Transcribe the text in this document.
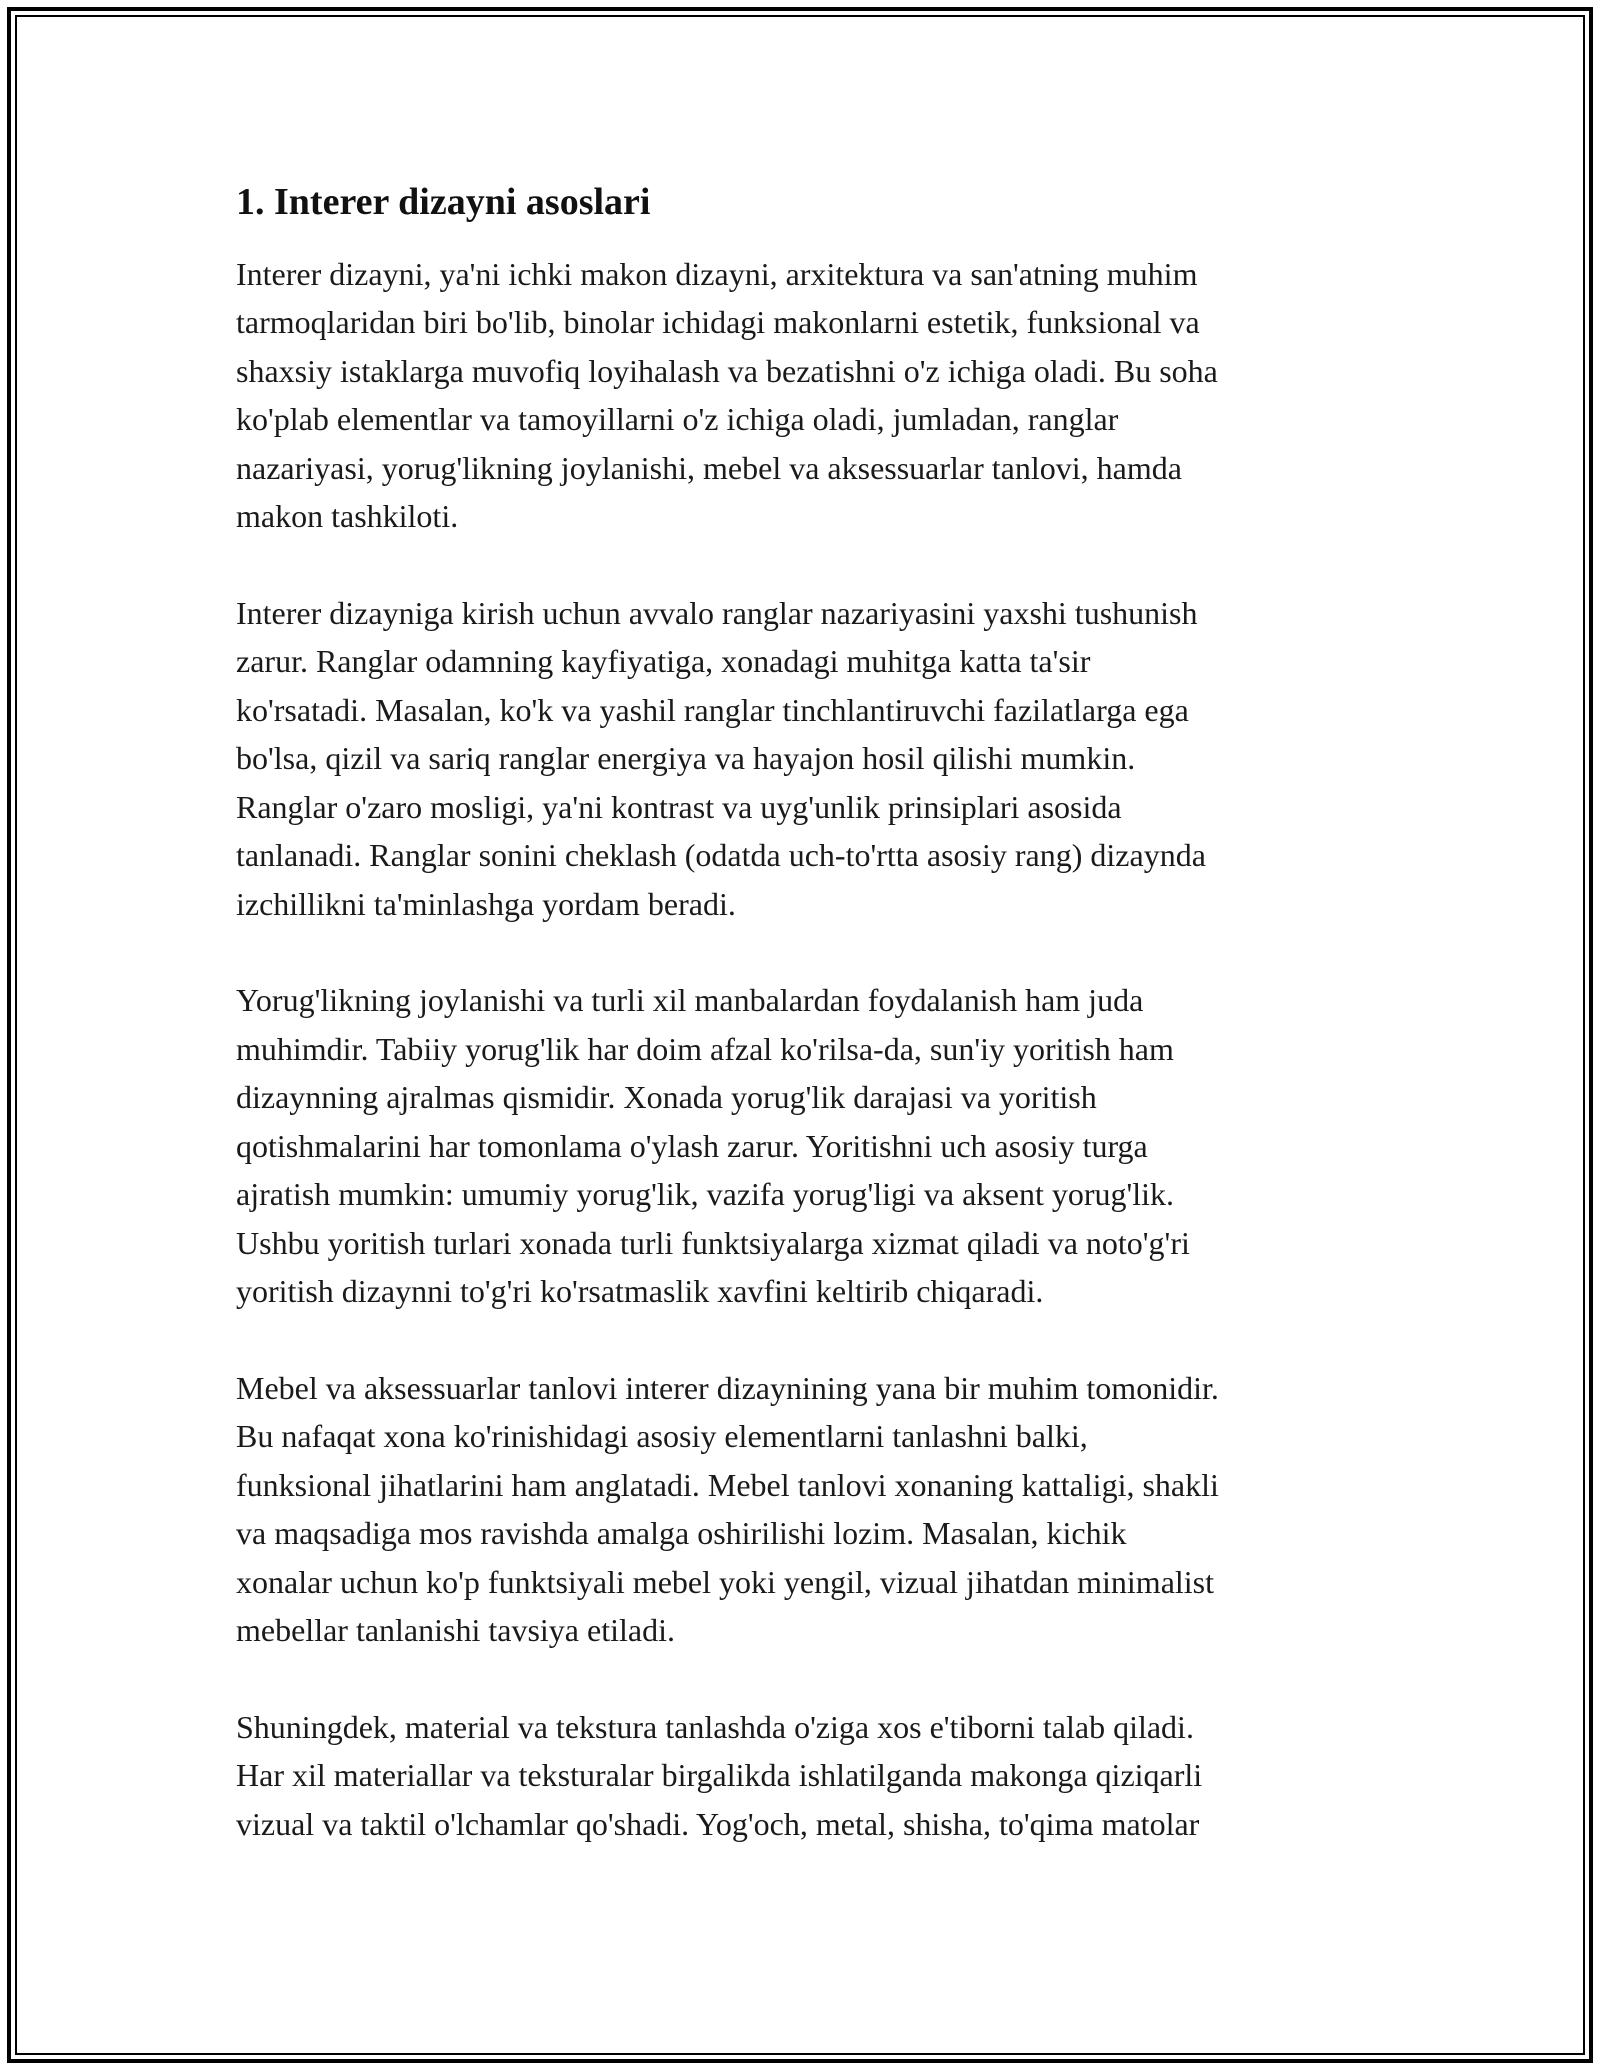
1. Interer dizayni asoslari

Interer dizayni, ya'ni ichki makon dizayni, arxitektura va san'atning muhim
tarmoqlaridan biri bo'lib, binolar ichidagi makonlarni estetik, funksional va
shaxsiy istaklarga muvofiq loyihalash va bezatishni o'z ichiga oladi. Bu soha
ko'plab elementlar va tamoyillarni o'z ichiga oladi, jumladan, ranglar
nazariyasi, yorug'likning joylanishi, mebel va aksessuarlar tanlovi, hamda
makon tashkiloti.

Interer dizayniga kirish uchun avvalo ranglar nazariyasini yaxshi tushunish
zarur. Ranglar odamning kayfiyatiga, xonadagi muhitga katta ta'sir
ko'rsatadi. Masalan, ko'k va yashil ranglar tinchlantiruvchi fazilatlarga ega
bo'lsa, qizil va sariq ranglar energiya va hayajon hosil qilishi mumkin.
Ranglar o'zaro mosligi, ya'ni kontrast va uyg'unlik prinsiplari asosida
tanlanadi. Ranglar sonini cheklash (odatda uch-to'rtta asosiy rang) dizaynda
izchillikni ta'minlashga yordam beradi.

Yorug'likning joylanishi va turli xil manbalardan foydalanish ham juda
muhimdir. Tabiiy yorug'lik har doim afzal ko'rilsa-da, sun'iy yoritish ham
dizaynning ajralmas qismidir. Xonada yorug'lik darajasi va yoritish
qotishmalarini har tomonlama o'ylash zarur. Yoritishni uch asosiy turga
ajratish mumkin: umumiy yorug'lik, vazifa yorug'ligi va aksent yorug'lik.
Ushbu yoritish turlari xonada turli funktsiyalarga xizmat qiladi va noto'g'ri
yoritish dizaynni to'g'ri ko'rsatmaslik xavfini keltirib chiqaradi.

Mebel va aksessuarlar tanlovi interer dizaynining yana bir muhim tomonidir.
Bu nafaqat xona ko'rinishidagi asosiy elementlarni tanlashni balki,
funksional jihatlarini ham anglatadi. Mebel tanlovi xonaning kattaligi, shakli
va maqsadiga mos ravishda amalga oshirilishi lozim. Masalan, kichik
xonalar uchun ko'p funktsiyali mebel yoki yengil, vizual jihatdan minimalist
mebellar tanlanishi tavsiya etiladi.

Shuningdek, material va tekstura tanlashda o'ziga xos e'tiborni talab qiladi.
Har xil materiallar va teksturalar birgalikda ishlatilganda makonga qiziqarli
vizual va taktil o'lchamlar qo'shadi. Yog'och, metal, shisha, to'qima matolar
